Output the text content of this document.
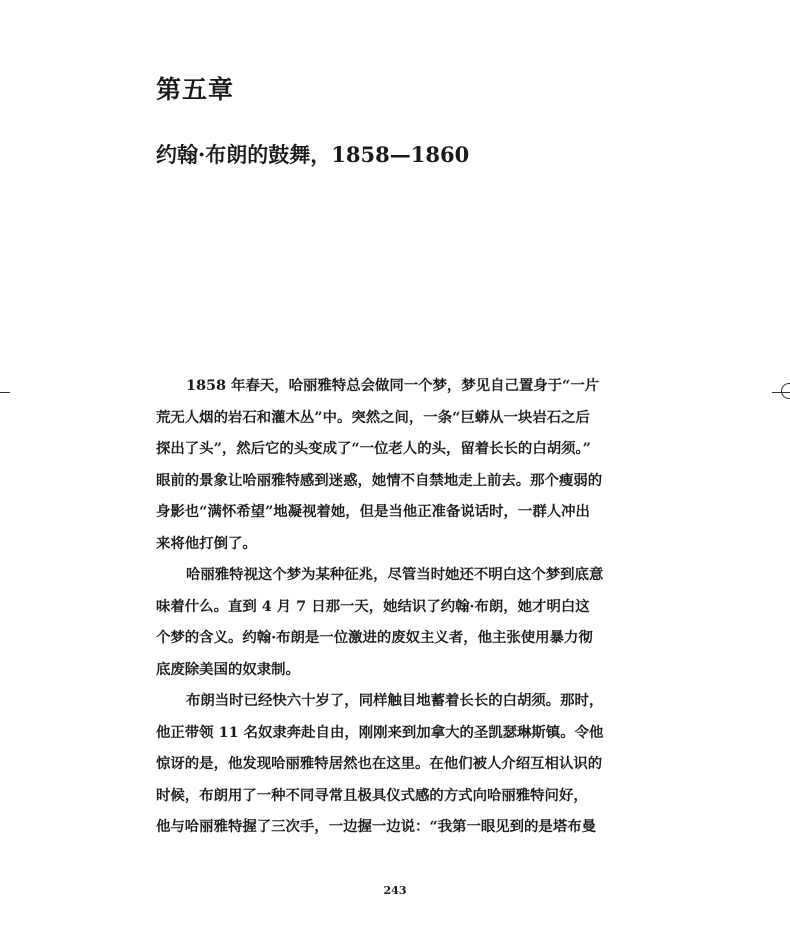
第五章
约翰·布朗的鼓舞，1858—1860
1858 年春天，哈丽雅特总会做同一个梦，梦见自己置身于“一片
荒无人烟的岩石和灌木丛”中。突然之间，一条“巨蟒从一块岩石之后
探出了头”，然后它的头变成了“一位老人的头，留着长长的白胡须。”
眼前的景象让哈丽雅特感到迷惑，她情不自禁地走上前去。那个瘦弱的
身影也“满怀希望”地凝视着她，但是当他正准备说话时，一群人冲出
来将他打倒了。
哈丽雅特视这个梦为某种征兆，尽管当时她还不明白这个梦到底意
味着什么。直到 4 月 7 日那一天，她结识了约翰·布朗，她才明白这
个梦的含义。约翰·布朗是一位激进的废奴主义者，他主张使用暴力彻
底废除美国的奴隶制。
布朗当时已经快六十岁了，同样触目地蓄着长长的白胡须。那时，
他正带领 11 名奴隶奔赴自由，刚刚来到加拿大的圣凯瑟琳斯镇。令他
惊讶的是，他发现哈丽雅特居然也在这里。在他们被人介绍互相认识的
时候，布朗用了一种不同寻常且极具仪式感的方式向哈丽雅特问好，
他与哈丽雅特握了三次手，一边握一边说：“我第一眼见到的是塔布曼
243
